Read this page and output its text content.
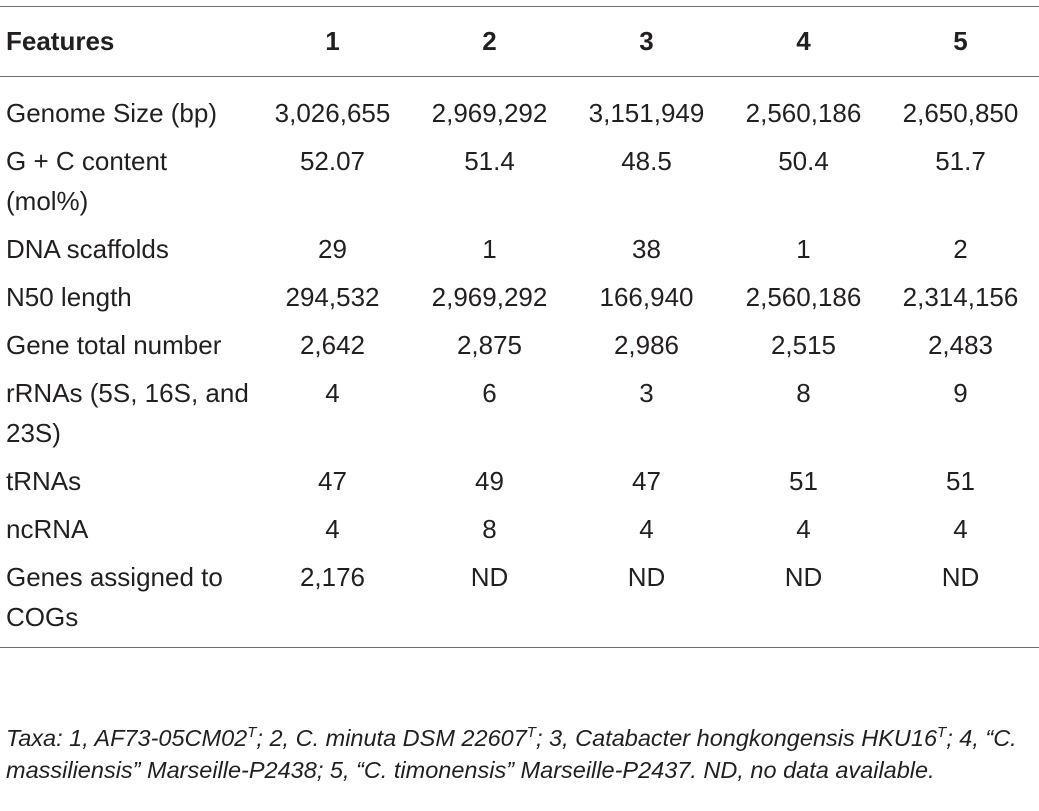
Features	1	2	3	4	5
Genome Size (bp)	3,026,655	2,969,292	3,151,949	2,560,186	2,650,850
G + C content (mol%)	52.07	51.4	48.5	50.4	51.7
DNA scaffolds	29	1	38	1	2
N50 length	294,532	2,969,292	166,940	2,560,186	2,314,156
Gene total number	2,642	2,875	2,986	2,515	2,483
rRNAs (5S, 16S, and 23S)	4	6	3	8	9
tRNAs	47	49	47	51	51
ncRNA	4	8	4	4	4
Genes assigned to COGs	2,176	ND	ND	ND	ND

Taxa: 1, $AF73-05CM02^T$; 2, C. minuta DSM $22607^T$; 3, Catabacter hongkongensis $HKU16^T$; 4, “C. massiliensis” Marseille-P2438; 5, “C. timonensis” Marseille-P2437. ND, no data available.
